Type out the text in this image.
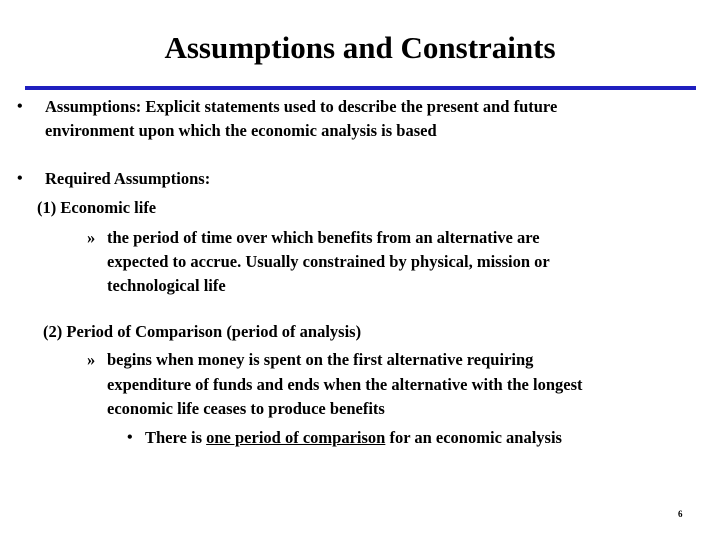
Assumptions and Constraints
• Assumptions: Explicit statements used to describe the present and future
environment upon which the economic analysis is based
• Required Assumptions:
(1) Economic life
» the period of time over which benefits from an alternative are
expected to accrue. Usually constrained by physical, mission or
technological life
(2) Period of Comparison (period of analysis)
» begins when money is spent on the first alternative requiring
expenditure of funds and ends when the alternative with the longest
economic life ceases to produce benefits
• There is one period of comparison for an economic analysis
6
